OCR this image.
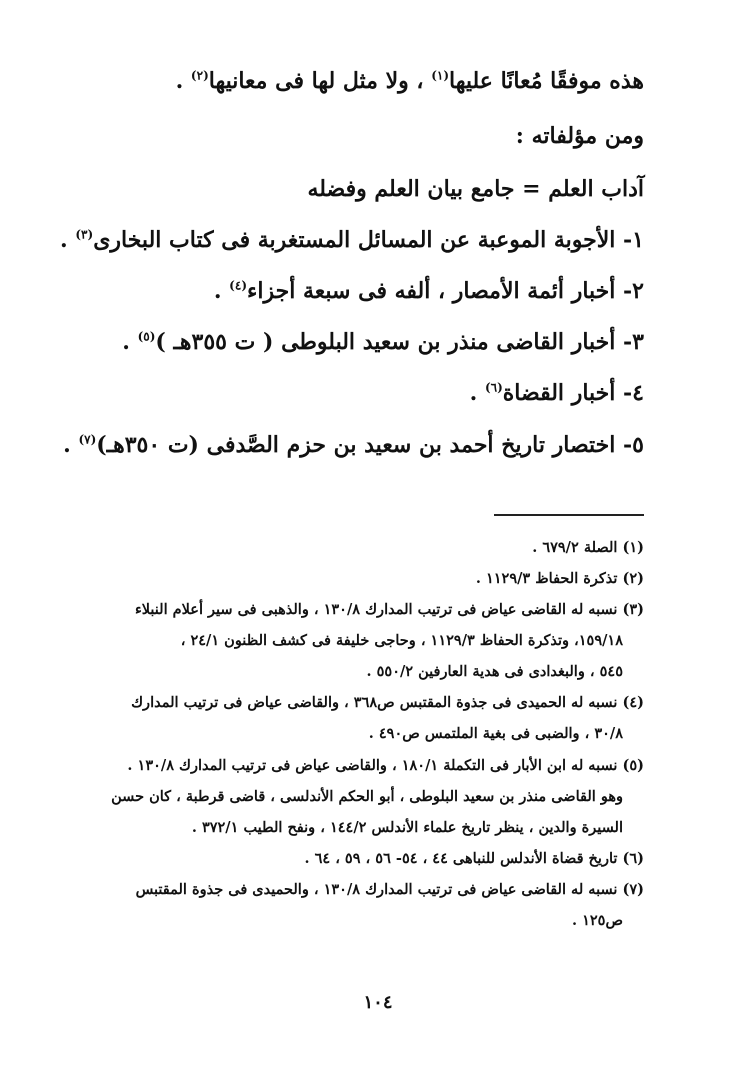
هذه موفقًا مُعانًا عليها$^{(١)}$ ، ولا مثل لها فى معانيها$^{(٢)}$ .
ومن مؤلفاته :
آداب العلم = جامع بيان العلم وفضله
١- الأجوبة الموعبة عن المسائل المستغربة فى كتاب البخارى$^{(٣)}$ .
٢- أخبار أئمة الأمصار ، ألفه فى سبعة أجزاء$^{(٤)}$ .
٣- أخبار القاضى منذر بن سعيد البلوطى ( ت ٣٥٥هـ )$^{(٥)}$ .
٤- أخبار القضاة$^{(٦)}$ .
٥- اختصار تاريخ أحمد بن سعيد بن حزم الصَّدفى (ت ٣٥٠هـ)$^{(٧)}$ .
(١) الصلة ٦٧٩/٢ .
(٢) تذكرة الحفاظ ١١٢٩/٣ .
(٣) نسبه له القاضى عياض فى ترتيب المدارك ١٣٠/٨ ، والذهبى فى سير أعلام النبلاء
١٥٩/١٨، وتذكرة الحفاظ ١١٢٩/٣ ، وحاجى خليفة فى كشف الظنون ٢٤/١ ،
٥٤٥ ، والبغدادى فى هدية العارفين ٥٥٠/٢ .
(٤) نسبه له الحميدى فى جذوة المقتبس ص٣٦٨ ، والقاضى عياض فى ترتيب المدارك
٣٠/٨ ، والضبى فى بغية الملتمس ص٤٩٠ .
(٥) نسبه له ابن الأبار فى التكملة ١٨٠/١ ، والقاضى عياض فى ترتيب المدارك ١٣٠/٨ .
وهو القاضى منذر بن سعيد البلوطى ، أبو الحكم الأندلسى ، قاضى قرطبة ، كان حسن
السيرة والدين ، ينظر تاريخ علماء الأندلس ١٤٤/٢ ، ونفح الطيب ٣٧٢/١ .
(٦) تاريخ قضاة الأندلس للنباهى ٤٤ ، ٥٤- ٥٦ ، ٥٩ ، ٦٤ .
(٧) نسبه له القاضى عياض فى ترتيب المدارك ١٣٠/٨ ، والحميدى فى جذوة المقتبس
ص١٢٥ .
١٠٤
